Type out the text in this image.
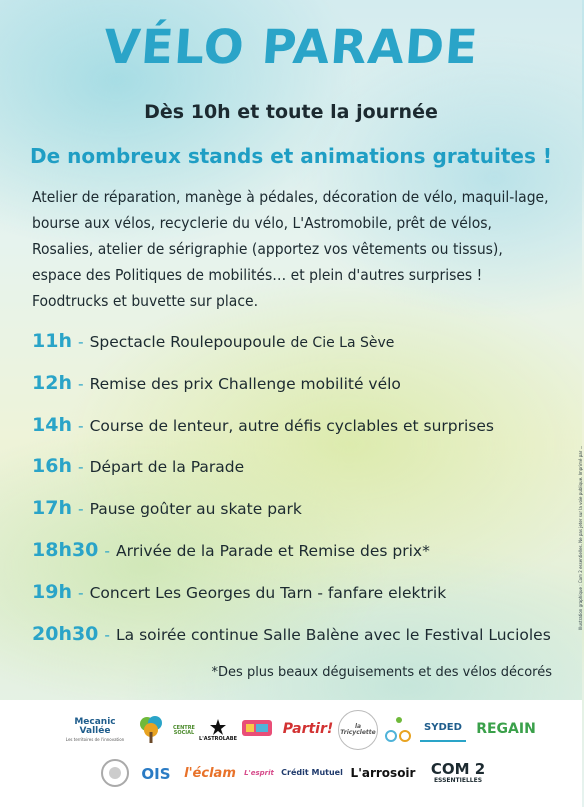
VÉLO PARADE
Dès 10h et toute la journée
De nombreux stands et animations gratuites !
Atelier de réparation, manège à pédales, décoration de vélo, maquil-lage, bourse aux vélos, recyclerie du vélo, L'Astromobile, prêt de vélos, Rosalies, atelier de sérigraphie (apportez vos vêtements ou tissus), espace des Politiques de mobilités… et plein d'autres surprises ! Foodtrucks et buvette sur place.
11h - Spectacle Roulepoupoule de Cie La Sève
12h - Remise des prix Challenge mobilité vélo
14h - Course de lenteur, autre défis cyclables et surprises
16h - Départ de la Parade
17h - Pause goûter au skate park
18h30 - Arrivée de la Parade et Remise des prix*
19h - Concert Les Georges du Tarn - fanfare elektrik
20h30 - La soirée continue Salle Balène avec le Festival Lucioles
*Des plus beaux déguisements et des vélos décorés
Illustration graphique : Com 2 essentielles. Ne pas jeter sur la voie publique. Imprimé par ...
Mecanic Vallée
Les territoires de l'innovation
CENTRE SOCIAL
L'ASTROLABE
Partir!	la Tricyclette	SYDED REGAIN
OIS l'éclam L'esprit Crédit Mutuel L'arrosoir COM 2
ESSENTIELLES
